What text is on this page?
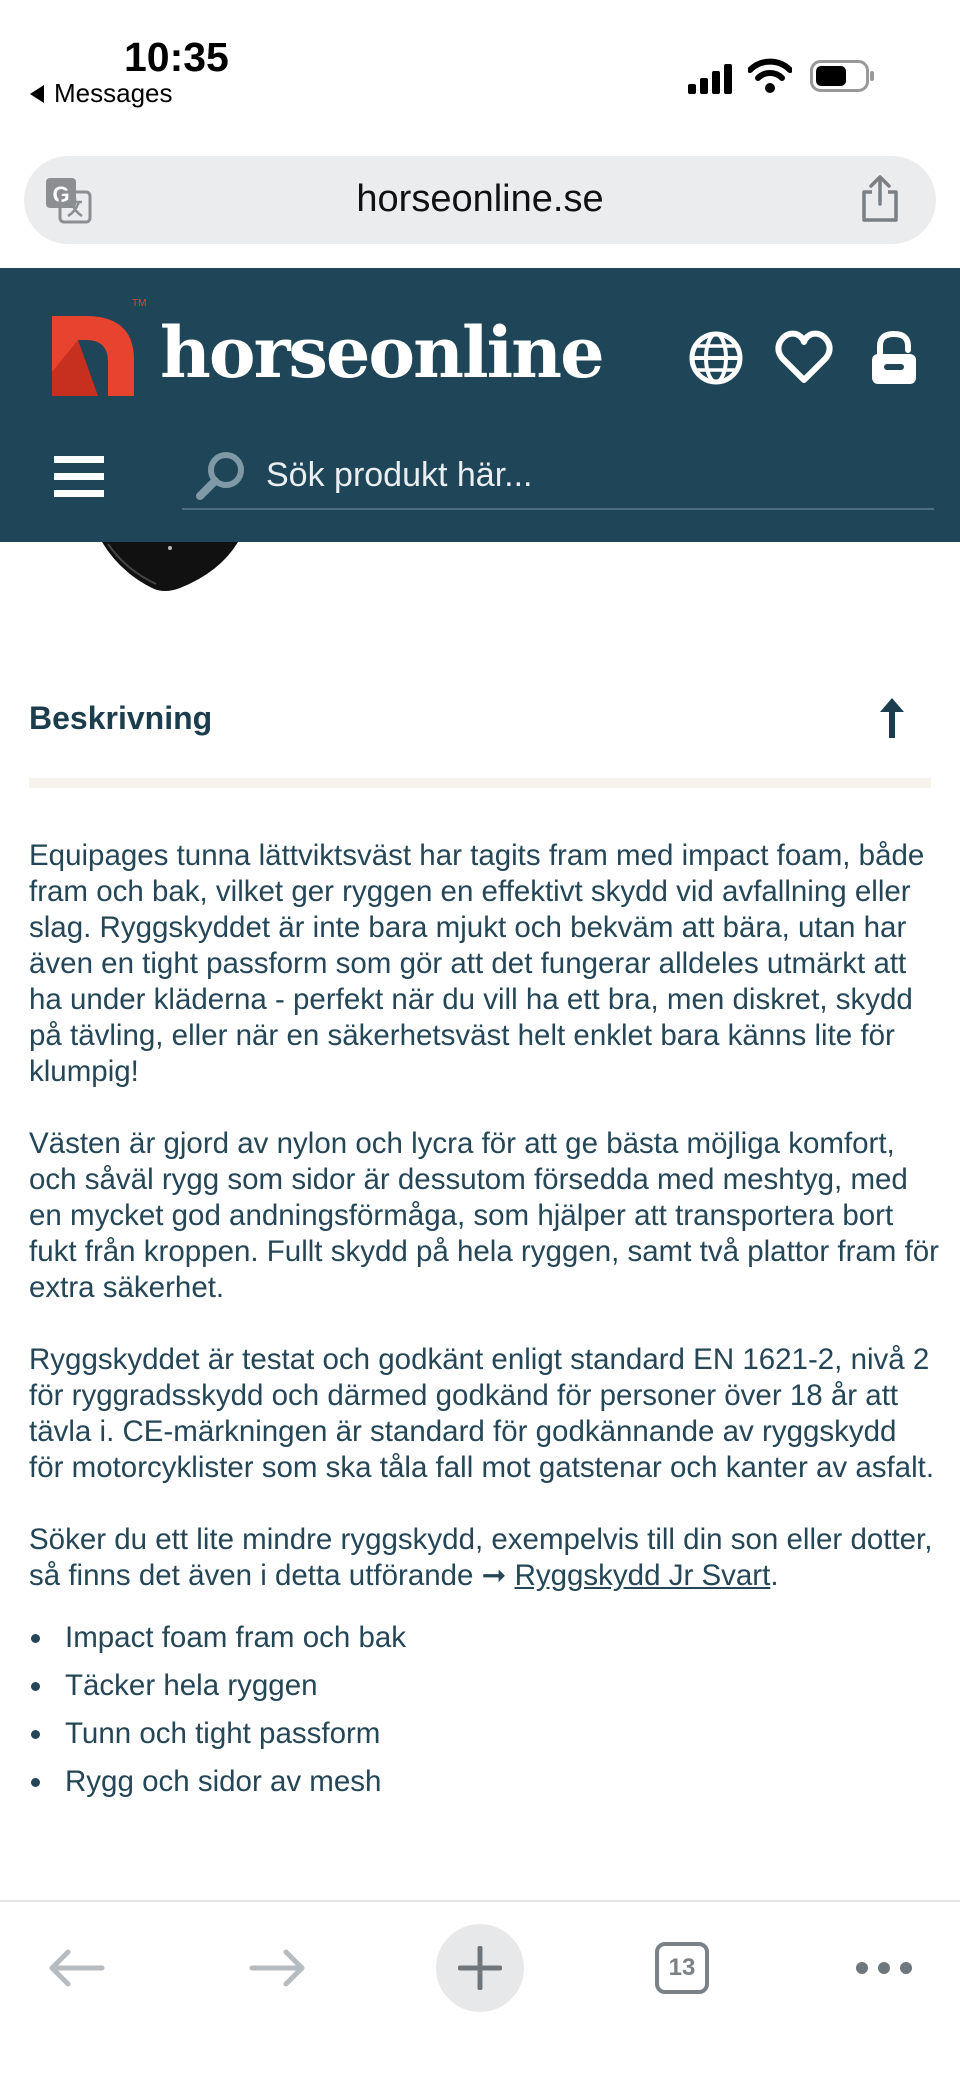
10:35
Messages
G	horseonline.se
TM
horseonline
Sök produkt här...
Beskrivning

Equipages tunna lättviktsväst har tagits fram med impact foam, både fram och bak, vilket ger ryggen en effektivt skydd vid avfallning eller slag. Ryggskyddet är inte bara mjukt och bekväm att bära, utan har även en tight passform som gör att det fungerar alldeles utmärkt att ha under kläderna - perfekt när du vill ha ett bra, men diskret, skydd på tävling, eller när en säkerhetsväst helt enklet bara känns lite för klumpig!

Västen är gjord av nylon och lycra för att ge bästa möjliga komfort, och såväl rygg som sidor är dessutom försedda med meshtyg, med en mycket god andningsförmåga, som hjälper att transportera bort fukt från kroppen. Fullt skydd på hela ryggen, samt två plattor fram för extra säkerhet.

Ryggskyddet är testat och godkänt enligt standard EN 1621-2, nivå 2 för ryggradsskydd och därmed godkänd för personer över 18 år att tävla i. CE-märkningen är standard för godkännande av ryggskydd för motorcyklister som ska tåla fall mot gatstenar och kanter av asfalt.

Söker du ett lite mindre ryggskydd, exempelvis till din son eller dotter, så finns det även i detta utförande ➞ Ryggskydd Jr Svart.

Impact foam fram och bak
Täcker hela ryggen
Tunn och tight passform
Rygg och sidor av mesh
13
